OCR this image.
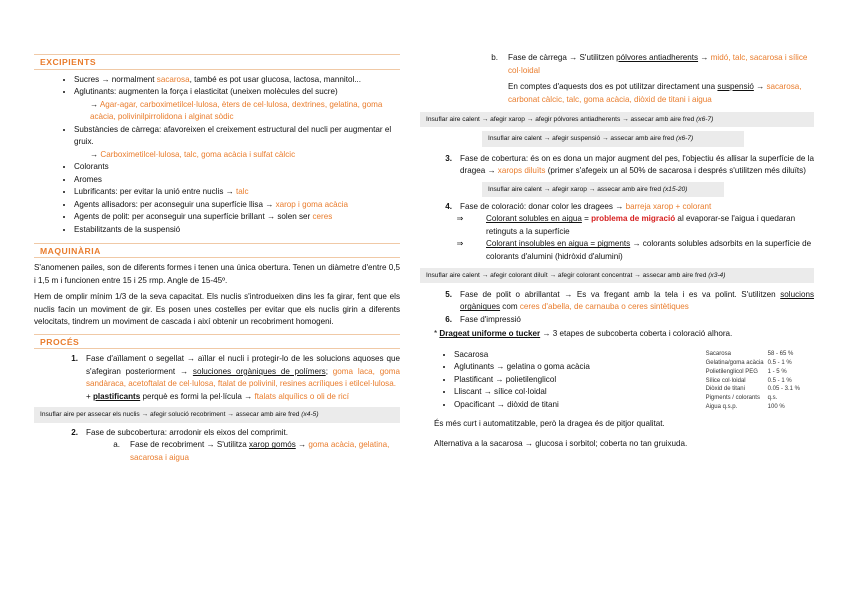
EXCIPIENTS
• Sucres → normalment sacarosa, també es pot usar glucosa, lactosa, mannitol...
• Aglutinants: augmenten la força i elasticitat (uneixen molècules del sucre)
→ Agar-agar, carboximetilcel·lulosa, èters de cel·lulosa, dextrines, gelatina, goma acàcia, polivinilpirrolidona i alginat sòdic
• Substàncies de càrrega: afavoreixen el creixement estructural del nucli per augmentar el gruix.
→ Carboximetilcel·lulosa, talc, goma acàcia i sulfat càlcic
• Colorants
• Aromes
• Lubrificants: per evitar la unió entre nuclis → talc
• Agents allisadors: per aconseguir una superfície llisa → xarop i goma acàcia
• Agents de polit: per aconseguir una superfície brillant → solen ser ceres
• Estabilitzants de la suspensió
MAQUINÀRIA

S'anomenen pailes, son de diferents formes i tenen una única obertura. Tenen un diàmetre d'entre 0,5 i 1,5 m i funcionen entre 15 i 25 rmp. Angle de 15-45º.

Hem de omplir mínim 1/3 de la seva capacitat. Els nuclis s'introdueixen dins les fa girar, fent que els nuclis facin un moviment de gir. Es posen unes costelles per evitar que els nuclis girin a diferents velocitats, tindrem un moviment de cascada i així obtenir un recobriment homogeni.

PROCÉS
1. Fase d'aïllament o segellat → aïllar el nucli i protegir-lo de les solucions aquoses que s'afegiran posteriorment → soluciones orgàniques de polímers; goma laca, goma sandàraca, acetoftalat de cel·lulosa, ftalat de polivinil, resines acríliques i etilcel·lulosa.
+ plastificants perquè es formi la pel·lícula → ftalats alquílics o oli de ricí
Insuflar aire per assecar els nuclis → afegir solució recobriment → assecar amb aire fred (x4-5)
2. Fase de subcobertura: arrodonir els eixos del comprimit.
a.	Fase de recobriment → S'utilitza xarop gomós → goma acàcia, gelatina, sacarosa i aigua
b.	Fase de càrrega → S'utilitzen pólvores antiadherents → midó, talc, sacarosa i sílice col·loidal
En comptes d'aquests dos es pot utilitzar directament una suspensió → sacarosa, carbonat càlcic, talc, goma acàcia, diòxid de titani i aigua
Insuflar aire calent → afegir xarop → afegir pólvores antiadherents → assecar amb aire fred (x6-7)
Insuflar aire calent → afegir suspensió → assecar amb aire fred (x6-7)
3. Fase de cobertura: és on es dona un major augment del pes, l'objectiu és allisar la superfície de la dragea → xarops diluïts (primer s'afegeix un al 50% de sacarosa i després s'utilitzen més diluïts)
Insuflar aire calent → afegir xarop → assecar amb aire fred (x15-20)
4. Fase de coloració: donar color les dragees → barreja xarop + colorant
⇒	Colorant solubles en aigua = problema de migració al evaporar-se l'aigua i quedaran retinguts a la superfície
⇒	Colorant insolubles en aigua = pigments → colorants solubles adsorbits en la superfície de colorants d'alumini (hidròxid d'alumini)
Insuflar aire calent → afegir colorant diluït → afegir colorant concentrat → assecar amb aire fred (x3-4)
5. Fase de polit o abrillantat → Es va fregant amb la tela i es va polint. S'utilitzen solucions orgàniques com ceres d'abella, de carnauba o ceres sintètiques
6. Fase d'impressió
* Drageat uniforme o tucker → 3 etapes de subcoberta coberta i coloració alhora.
• Sacarosa
• Aglutinants → gelatina o goma acàcia
• Plastificant → polietilenglicol
• Lliscant → sílice col·loidal
• Opacificant → diòxid de titani
Sacarosa	58 - 65 %
Gelatina/goma acàcia	0.5 - 1 %
Polietilenglicol PEG	1 - 5 %
Sílice col·loidal	0.5 - 1 %
Diòxid de titani	0.05 - 3.1 %
Pigments / colorants	q.s.
Aigua q.s.p.	100 %

És més curt i automatitzable, però la dragea és de pitjor qualitat.

Alternativa a la sacarosa → glucosa i sorbitol; coberta no tan gruixuda.
